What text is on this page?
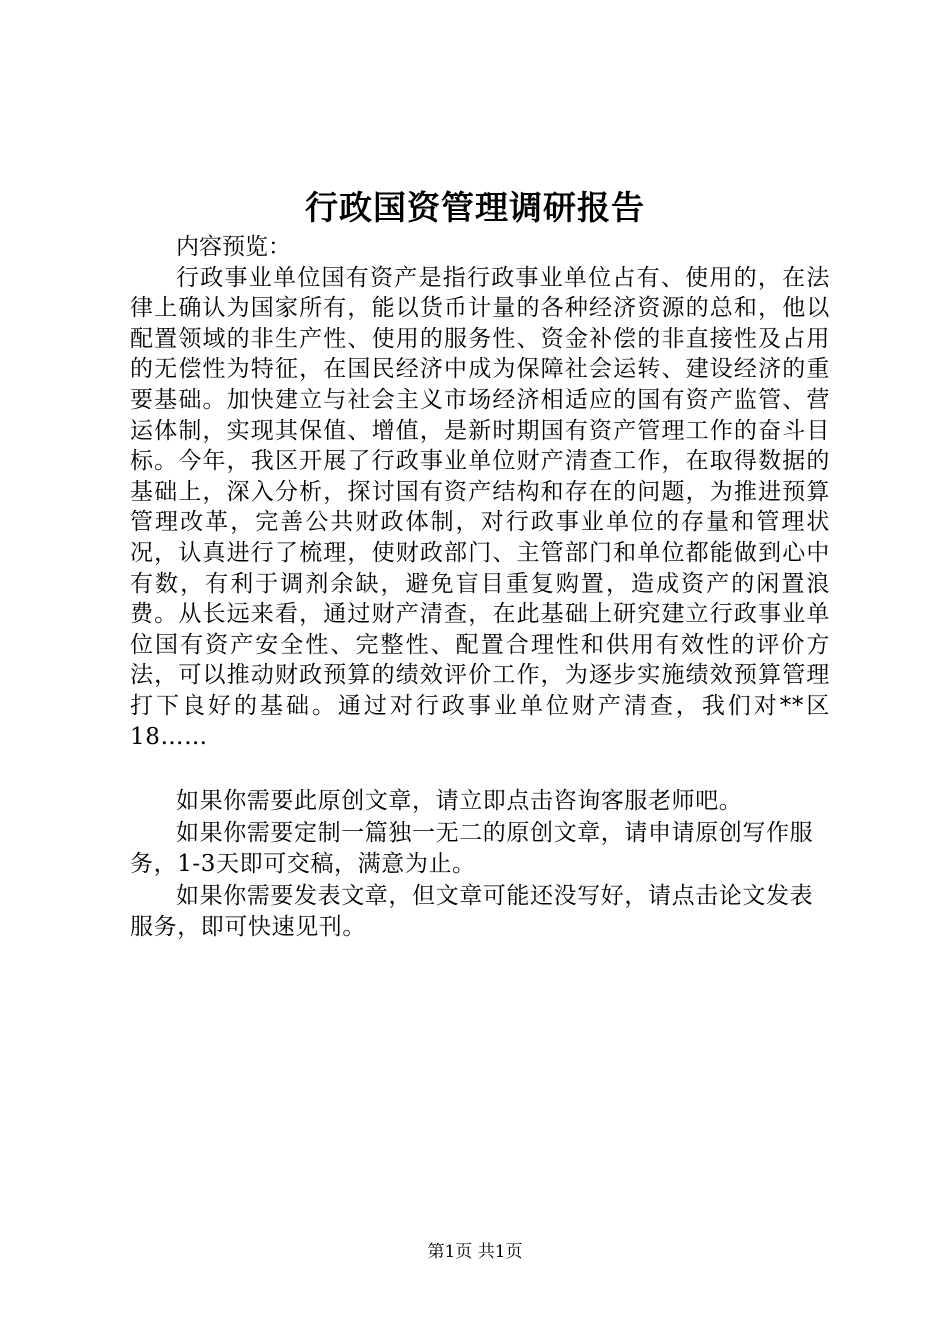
行政国资管理调研报告

内容预览：

行政事业单位国有资产是指行政事业单位占有、使用的，在法律上确认为国家所有，能以货币计量的各种经济资源的总和，他以配置领域的非生产性、使用的服务性、资金补偿的非直接性及占用的无偿性为特征，在国民经济中成为保障社会运转、建设经济的重要基础。加快建立与社会主义市场经济相适应的国有资产监管、营运体制，实现其保值、增值，是新时期国有资产管理工作的奋斗目标。今年，我区开展了行政事业单位财产清查工作，在取得数据的基础上，深入分析，探讨国有资产结构和存在的问题，为推进预算管理改革，完善公共财政体制，对行政事业单位的存量和管理状况，认真进行了梳理，使财政部门、主管部门和单位都能做到心中有数，有利于调剂余缺，避免盲目重复购置，造成资产的闲置浪费。从长远来看，通过财产清查，在此基础上研究建立行政事业单位国有资产安全性、完整性、配置合理性和供用有效性的评价方法，可以推动财政预算的绩效评价工作，为逐步实施绩效预算管理打下良好的基础。通过对行政事业单位财产清查，我们对**区18……

如果你需要此原创文章，请立即点击咨询客服老师吧。

如果你需要定制一篇独一无二的原创文章，请申请原创写作服务，1-3天即可交稿，满意为止。

如果你需要发表文章，但文章可能还没写好，请点击论文发表服务，即可快速见刊。

第1页 共1页
